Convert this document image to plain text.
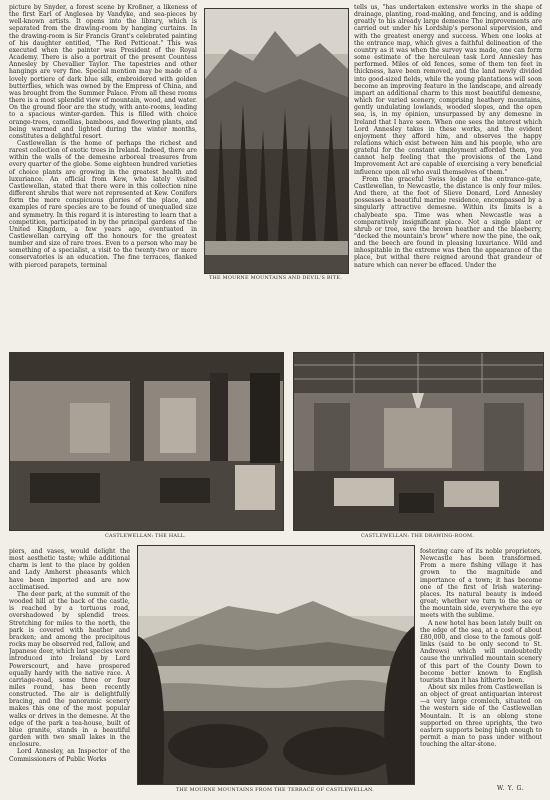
picture by Snyder, a forest scene by Kroßner, a likeness of the first Earl of Anglesea by Vandyke, and sea-pieces by well-known artists. It opens into the library, which is separated from the drawing-room by hanging curtains. In the drawing-room is Sir Francis Grant's celebrated painting of his daughter entitled, "The Red Petticoat." This was executed when the painter was President of the Royal Academy. There is also a portrait of the present Countess Annesley by Chevallier Taylor. The tapestries and other hangings are very fine. Special mention may be made of a lovely portiere of dark blue silk, embroidered with golden butterflies, which was owned by the Empress of China, and was brought from the Summer Palace. From all these rooms there is a most splendid view of mountain, wood, and water. On the ground floor are the study, with ante-rooms, leading to a spacious winter-garden. This is filled with choice orange-trees, camellias, bamboos, and flowering plants, and being warmed and lighted during the winter months, constitutes a delightful resort.

Castlewellan is the home of perhaps the richest and rarest collection of exotic trees in Ireland. Indeed, there are within the walls of the demesne arboreal treasures from every quarter of the globe. Some eighteen hundred varieties of choice plants are growing in the greatest health and luxuriance. An official from Kew, who lately visited Castlewellan, stated that there were in this collection nine different shrubs that were not represented at Kew. Conifers form the more conspicuous glories of the place, and examples of rare species are to be found of unequalled size and symmetry. In this regard it is interesting to learn that a competition, participated in by the principal gardens of the United Kingdom, a few years ago, eventuated in Castlewellan carrying off the honours for the greatest number and size of rare trees. Even to a person who may be something of a specialist, a visit to the twenty-two or more conservatories is an education. The fine terraces, flanked with pierced parapets, terminal

THE MOURNE MOUNTAINS AND DEVIL'S BITE.

tells us, "has undertaken extensive works in the shape of drainage, planting, road-making, and fencing, and is adding greatly to his already large demesne The improvements are carried out under his Lordship's personal supervision, and with the greatest energy and success. When one looks at the entrance map, which gives a faithful delineation of the country as it was when the survey was made, one can form some estimate of the herculean task Lord Annesley has performed. Miles of old fences, some of them ten feet in thickness, have been removed, and the land newly divided into good-sized fields, while the young plantations will soon become an improving feature in the landscape, and already impart an additional charm to this most beautiful demesne, which for varied scenery, comprising heathery mountains, gently undulating lowlands, wooded slopes, and the open sea, is, in my opinion, unsurpassed by any demesne in Ireland that I have seen. When one sees the interest which Lord Annesley takes in these works, and the evident enjoyment they afford him, and observes the happy relations which exist between him and his people, who are grateful for the constant employment afforded them, you cannot help feeling that the provisions of the Land Improvement Act are capable of exercising a very beneficial influence upon all who avail themselves of them."

From the graceful Swiss lodge at the entrance-gate, Castlewellan, to Newcastle, the distance is only four miles. And there, at the foot of Slieve Donard, Lord Annesley possesses a beautiful marine residence, encompassed by a singularly attractive demesne. Within its limits is a chalybeate spa. Time was when Newcastle was a comparatively insignificant place. Not a single plant or shrub or tree, save the brown heather and the blaeberry, "decked the mountain's brow" where now the pine, the oak, and the beech are found in pleasing luxuriance. Wild and inhospitable in the extreme was then the appearance of the place, but withal there reigned around that grandeur of nature which can never be effaced. Under the

CASTLEWELLAN: THE HALL.	CASTLEWELLAN: THE DRAWING-ROOM.

piers, and vases, would delight the most aesthetic taste; while additional charm is lent to the place by golden and Lady Amherst pheasants which have been imported and are now acclimatised.

The deer park, at the summit of the wooded hill at the back of the castle, is reached by a tortuous road, overshadowed by splendid trees. Stretching for miles to the north, the park is covered with heather and bracken; and among the precipitous rocks may be observed red, fallow, and Japanese deer, which last species were introduced into Ireland by Lord Powerscourt, and have prospered equally hardy with the native race. A carriage-road, some three or four miles round, has been recently constructed. The air is delightfully bracing, and the panoramic scenery makes this one of the most popular walks or drives in the demesne. At the edge of the park a tea-house, built of blue granite, stands in a beautiful garden with two small lakes in the enclosure.

Lord Annesley, an Inspector of the Commissioners of Public Works

THE MOURNE MOUNTAINS FROM THE TERRACE OF CASTLEWELLAN.

fostering care of its noble proprietors, Newcastle has been transformed. From a mere fishing village it has grown to the magnitude and importance of a town; it has become one of the first of Irish watering-places. Its natural beauty is indeed great; whether we turn to the sea or the mountain side, everywhere the eye meets with the sublime.

A new hotel has been lately built on the edge of the sea, at a cost of about £80,000, and close to the famous golf-links (said to be only second to St. Andrews) which will undoubtedly cause the unrivalled mountain scenery of this part of the County Down to become better known to English tourists than it has hitherto been.

About six miles from Castlewellan is an object of great antiquarian interest—a very large cromlech, situated on the western side of the Castlewellan Mountain. It is an oblong stone supported on three uprights, the two eastern supports being high enough to permit a man to pass under without touching the altar-stone.

W. Y. G.
